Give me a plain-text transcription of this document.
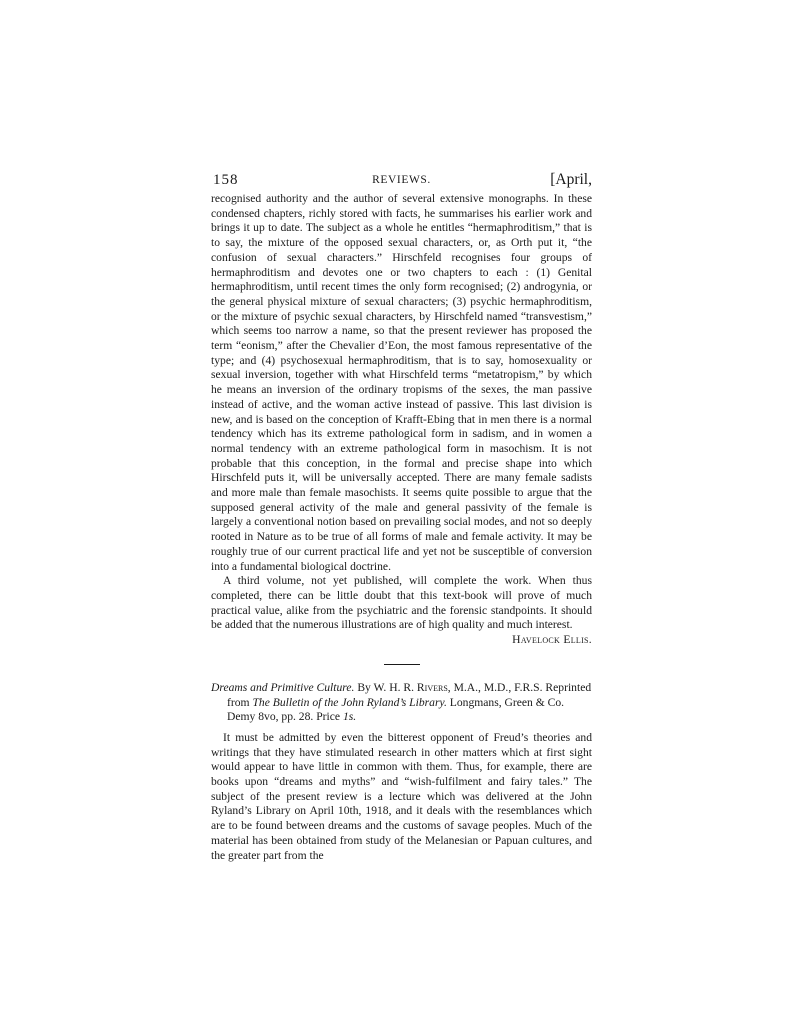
158	REVIEWS.	[April,

recognised authority and the author of several extensive monographs. In these condensed chapters, richly stored with facts, he summarises his earlier work and brings it up to date. The subject as a whole he entitles “hermaphroditism,” that is to say, the mixture of the opposed sexual characters, or, as Orth put it, “the confusion of sexual characters.” Hirschfeld recognises four groups of hermaphroditism and devotes one or two chapters to each : (1) Genital hermaphroditism, until recent times the only form recognised; (2) androgynia, or the general physical mixture of sexual characters; (3) psychic hermaphroditism, or the mixture of psychic sexual characters, by Hirschfeld named “transvestism,” which seems too narrow a name, so that the present reviewer has proposed the term “eonism,” after the Chevalier d’Eon, the most famous representative of the type; and (4) psychosexual hermaphroditism, that is to say, homosexuality or sexual inversion, together with what Hirschfeld terms “metatropism,” by which he means an inversion of the ordinary tropisms of the sexes, the man passive instead of active, and the woman active instead of passive. This last division is new, and is based on the conception of Krafft-Ebing that in men there is a normal tendency which has its extreme pathological form in sadism, and in women a normal tendency with an extreme pathological form in masochism. It is not probable that this conception, in the formal and precise shape into which Hirschfeld puts it, will be universally accepted. There are many female sadists and more male than female masochists. It seems quite possible to argue that the supposed general activity of the male and general passivity of the female is largely a conventional notion based on prevailing social modes, and not so deeply rooted in Nature as to be true of all forms of male and female activity. It may be roughly true of our current practical life and yet not be susceptible of conversion into a fundamental biological doctrine.

A third volume, not yet published, will complete the work. When thus completed, there can be little doubt that this text-book will prove of much practical value, alike from the psychiatric and the forensic standpoints. It should be added that the numerous illustrations are of high quality and much interest.
Havelock Ellis.

Dreams and Primitive Culture. By W. H. R. Rivers, M.A., M.D., F.R.S. Reprinted from The Bulletin of the John Ryland’s Library. Longmans, Green & Co. Demy 8vo, pp. 28. Price 1s.

It must be admitted by even the bitterest opponent of Freud’s theories and writings that they have stimulated research in other matters which at first sight would appear to have little in common with them. Thus, for example, there are books upon “dreams and myths” and “wish-fulfilment and fairy tales.” The subject of the present review is a lecture which was delivered at the John Ryland’s Library on April 10th, 1918, and it deals with the resemblances which are to be found between dreams and the customs of savage peoples. Much of the material has been obtained from study of the Melanesian or Papuan cultures, and the greater part from the
